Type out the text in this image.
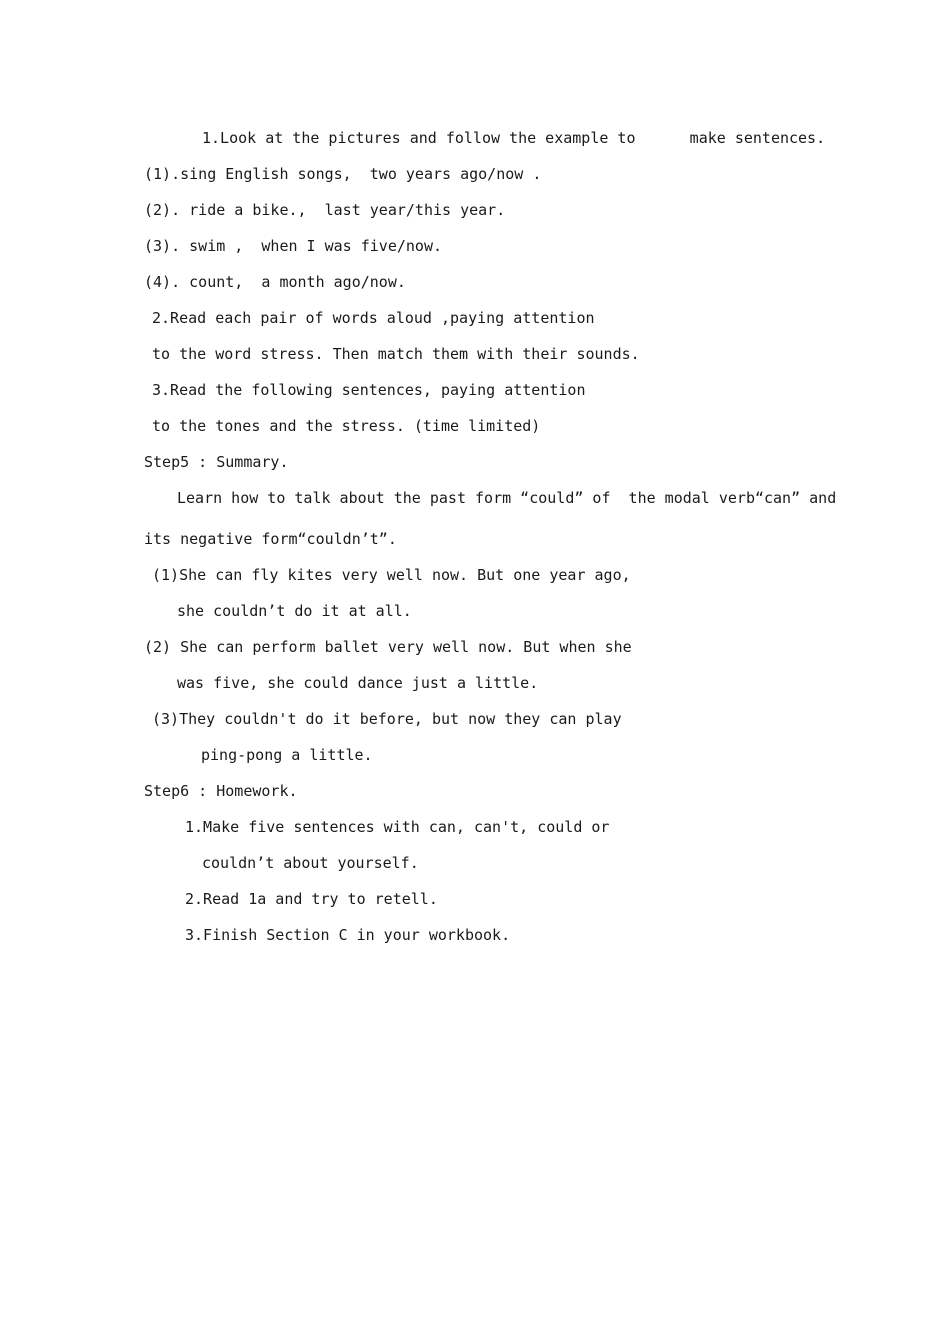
1.Look at the pictures and follow the example to      make sentences.
(1).sing English songs,  two years ago/now .
(2). ride a bike.,  last year/this year.
(3). swim ,  when I was five/now.
(4). count,  a month ago/now.
2.Read each pair of words aloud ,paying attention
to the word stress. Then match them with their sounds.
3.Read the following sentences, paying attention
to the tones and the stress. (time limited)
Step5 : Summary.
Learn how to talk about the past form “could” of  the modal verb“can” and
its negative form“couldn’t”.
(1)She can fly kites very well now. But one year ago,
she couldn’t do it at all.
(2) She can perform ballet very well now. But when she
was five, she could dance just a little.
(3)They couldn't do it before, but now they can play
ping-pong a little.
Step6 : Homework.
1.Make five sentences with can, can't, could or
couldn’t about yourself.
2.Read 1a and try to retell.
3.Finish Section C in your workbook.
